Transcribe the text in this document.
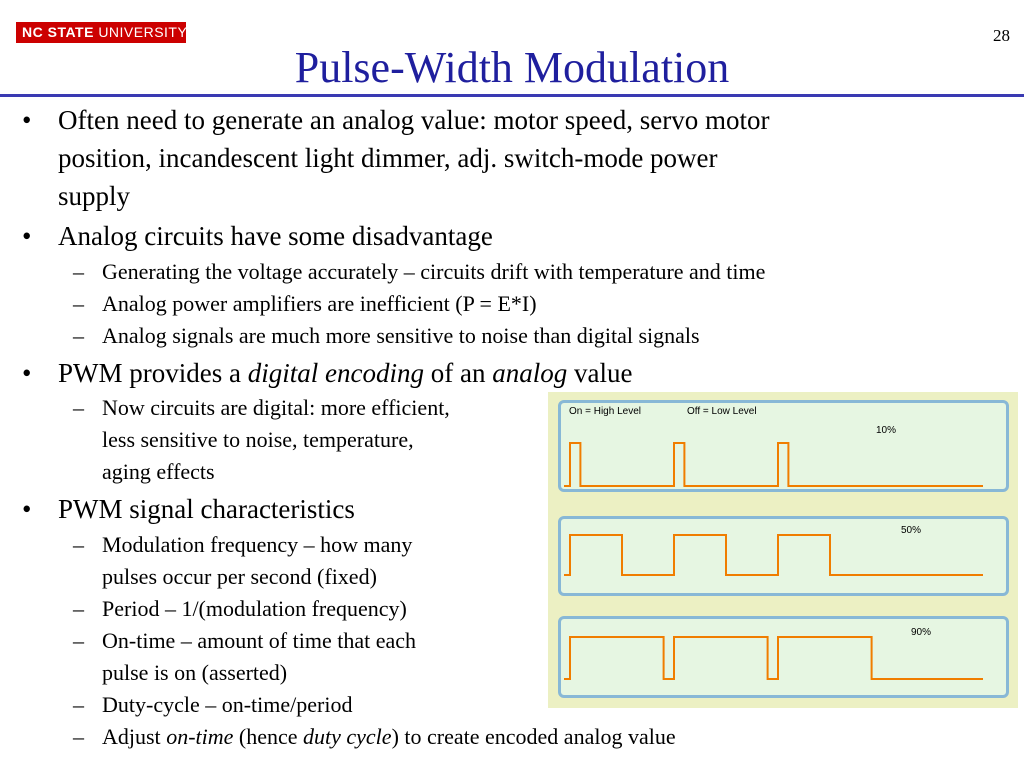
NC STATE UNIVERSITY	28
Pulse-Width Modulation
• Often need to generate an analog value: motor speed, servo motor
position, incandescent light dimmer, adj. switch-mode power
supply
• Analog circuits have some disadvantage
– Generating the voltage accurately – circuits drift with temperature and time
– Analog power amplifiers are inefficient (P = E*I)
– Analog signals are much more sensitive to noise than digital signals
• PWM provides a digital encoding of an analog value
– Now circuits are digital: more efficient,
less sensitive to noise, temperature,
aging effects
• PWM signal characteristics
– Modulation frequency – how many
pulses occur per second (fixed)
– Period – 1/(modulation frequency)
– On-time – amount of time that each
pulse is on (asserted)
– Duty-cycle – on-time/period
– Adjust on-time (hence duty cycle) to create encoded analog value
On = High Level	Off = Low Level
10%
50%
90%
